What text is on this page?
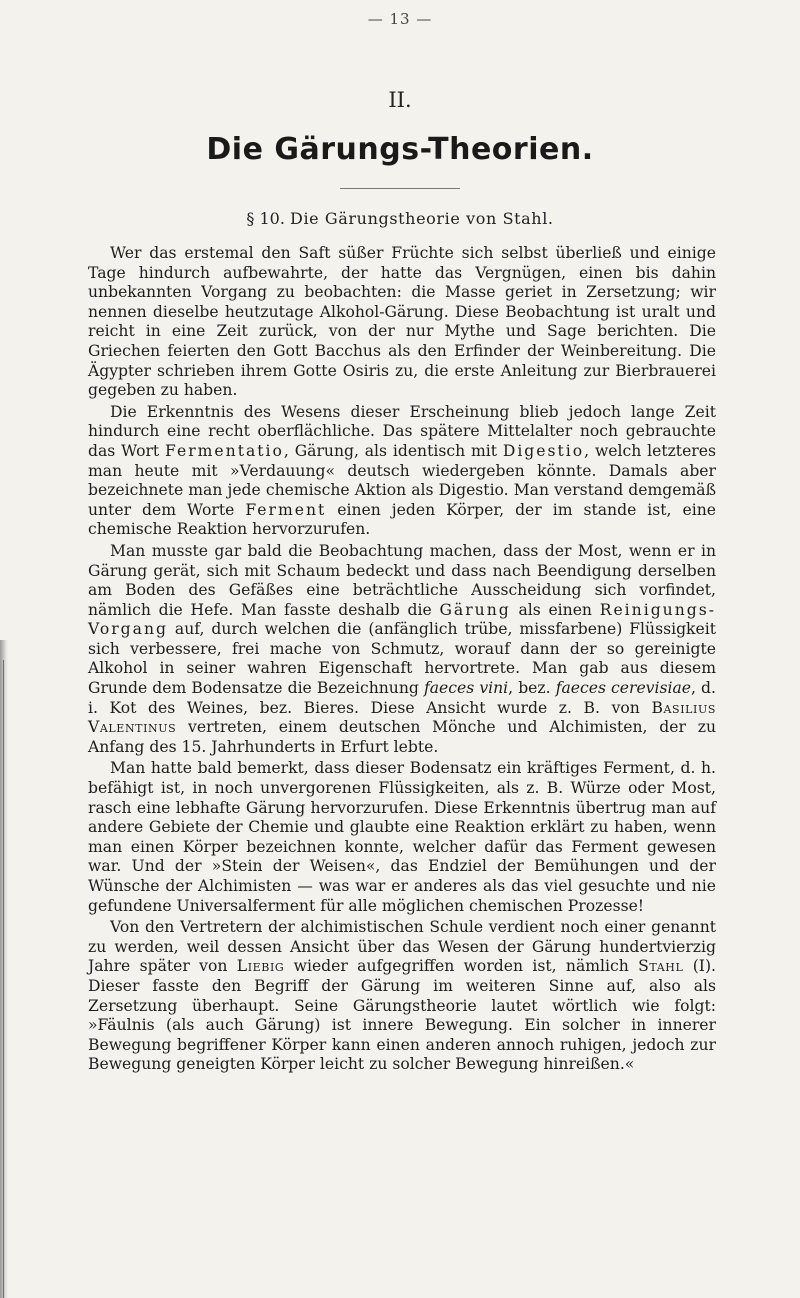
— 13 —
II.
Die Gärungs-Theorien.
§ 10. Die Gärungstheorie von Stahl.

Wer das erstemal den Saft süßer Früchte sich selbst überließ und einige Tage hindurch aufbewahrte, der hatte das Vergnügen, einen bis dahin unbekannten Vorgang zu beobachten: die Masse geriet in Zersetzung; wir nennen dieselbe heutzutage Alkohol-Gärung. Diese Beobachtung ist uralt und reicht in eine Zeit zurück, von der nur Mythe und Sage berichten. Die Griechen feierten den Gott Bacchus als den Erfinder der Weinbereitung. Die Ägypter schrieben ihrem Gotte Osiris zu, die erste Anleitung zur Bierbrauerei gegeben zu haben.

Die Erkenntnis des Wesens dieser Erscheinung blieb jedoch lange Zeit hindurch eine recht oberflächliche. Das spätere Mittelalter noch gebrauchte das Wort Fermentatio, Gärung, als identisch mit Digestio, welch letzteres man heute mit »Verdauung« deutsch wiedergeben könnte. Damals aber bezeichnete man jede chemische Aktion als Digestio. Man verstand demgemäß unter dem Worte Ferment einen jeden Körper, der im stande ist, eine chemische Reaktion hervorzurufen.

Man musste gar bald die Beobachtung machen, dass der Most, wenn er in Gärung gerät, sich mit Schaum bedeckt und dass nach Beendigung derselben am Boden des Gefäßes eine beträchtliche Ausscheidung sich vorfindet, nämlich die Hefe. Man fasste deshalb die Gärung als einen Reinigungs-Vorgang auf, durch welchen die (anfänglich trübe, missfarbene) Flüssigkeit sich verbessere, frei mache von Schmutz, worauf dann der so gereinigte Alkohol in seiner wahren Eigenschaft hervortrete. Man gab aus diesem Grunde dem Bodensatze die Bezeichnung faeces vini, bez. faeces cerevisiae, d. i. Kot des Weines, bez. Bieres. Diese Ansicht wurde z. B. von Basilius Valentinus vertreten, einem deutschen Mönche und Alchimisten, der zu Anfang des 15. Jahrhunderts in Erfurt lebte.

Man hatte bald bemerkt, dass dieser Bodensatz ein kräftiges Ferment, d. h. befähigt ist, in noch unvergorenen Flüssigkeiten, als z. B. Würze oder Most, rasch eine lebhafte Gärung hervorzurufen. Diese Erkenntnis übertrug man auf andere Gebiete der Chemie und glaubte eine Reaktion erklärt zu haben, wenn man einen Körper bezeichnen konnte, welcher dafür das Ferment gewesen war. Und der »Stein der Weisen«, das Endziel der Bemühungen und der Wünsche der Alchimisten — was war er anderes als das viel gesuchte und nie gefundene Universalferment für alle möglichen chemischen Prozesse!

Von den Vertretern der alchimistischen Schule verdient noch einer genannt zu werden, weil dessen Ansicht über das Wesen der Gärung hundertvierzig Jahre später von Liebig wieder aufgegriffen worden ist, nämlich Stahl (I). Dieser fasste den Begriff der Gärung im weiteren Sinne auf, also als Zersetzung überhaupt. Seine Gärungstheorie lautet wörtlich wie folgt: »Fäulnis (als auch Gärung) ist innere Bewegung. Ein solcher in innerer Bewegung begriffener Körper kann einen anderen annoch ruhigen, jedoch zur Bewegung geneigten Körper leicht zu solcher Bewegung hinreißen.«
